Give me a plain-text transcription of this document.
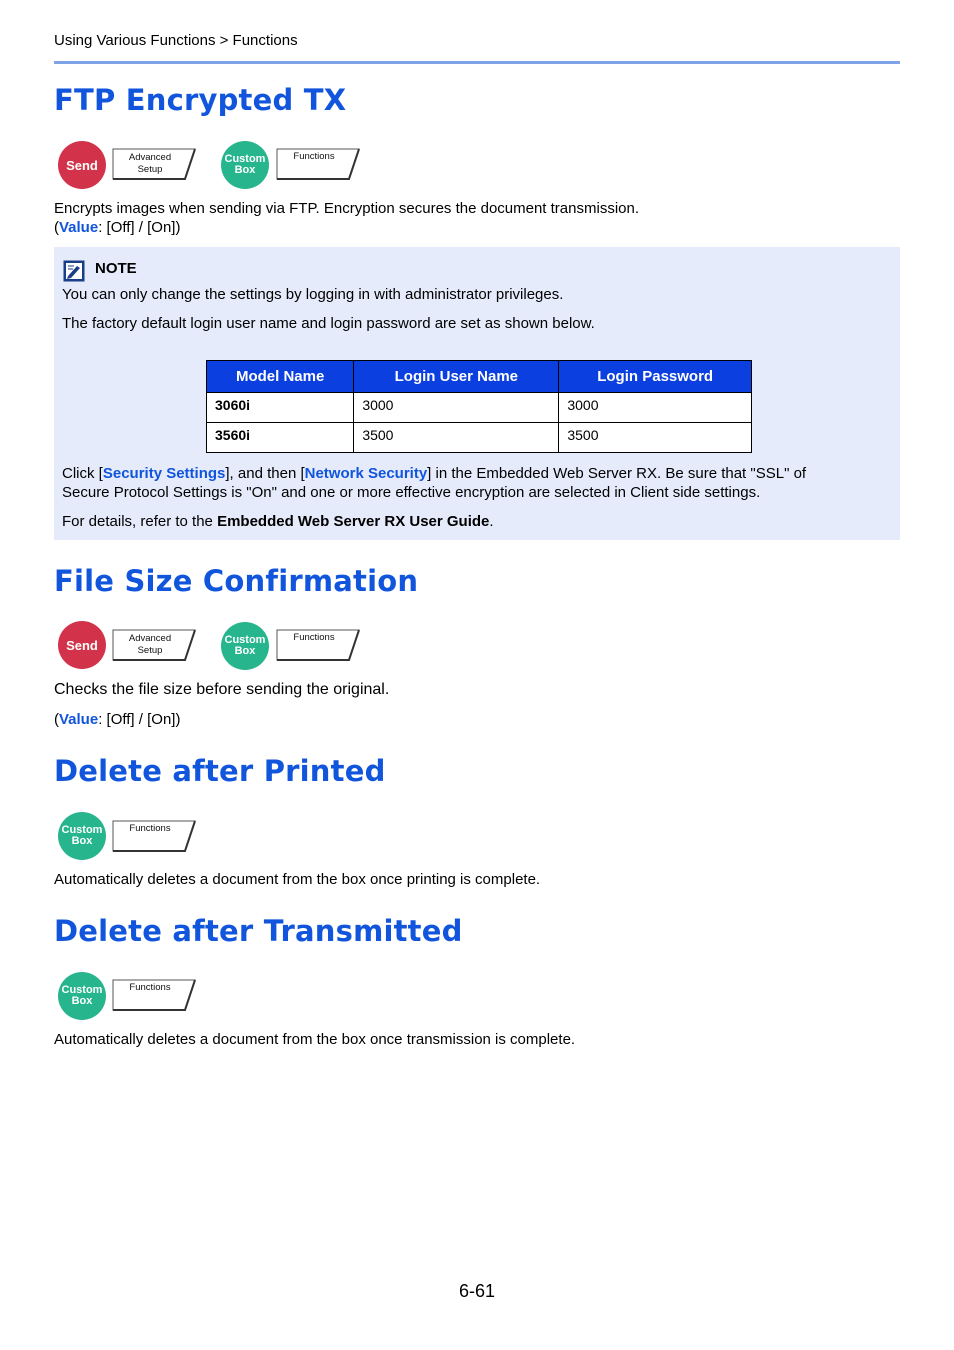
Using Various Functions > Functions
FTP Encrypted TX
Send	Advanced
Setup
Custom
Box
Functions
Encrypts images when sending via FTP. Encryption secures the document transmission.
(Value: [Off] / [On])
NOTE
You can only change the settings by logging in with administrator privileges.
The factory default login user name and login password are set as shown below.
Model Name	Login User Name	Login Password
3060i	3000	3000
3560i	3500	3500
Click [Security Settings], and then [Network Security] in the Embedded Web Server RX. Be sure that "SSL" of
Secure Protocol Settings is "On" and one or more effective encryption are selected in Client side settings.
For details, refer to the Embedded Web Server RX User Guide.
File Size Confirmation
Send	Advanced
Setup
Custom
Box
Functions
Checks the file size before sending the original.
(Value: [Off] / [On])
Delete after Printed
Custom
Box
Functions
Automatically deletes a document from the box once printing is complete.
Delete after Transmitted
Custom
Box
Functions
Automatically deletes a document from the box once transmission is complete.
6-61
